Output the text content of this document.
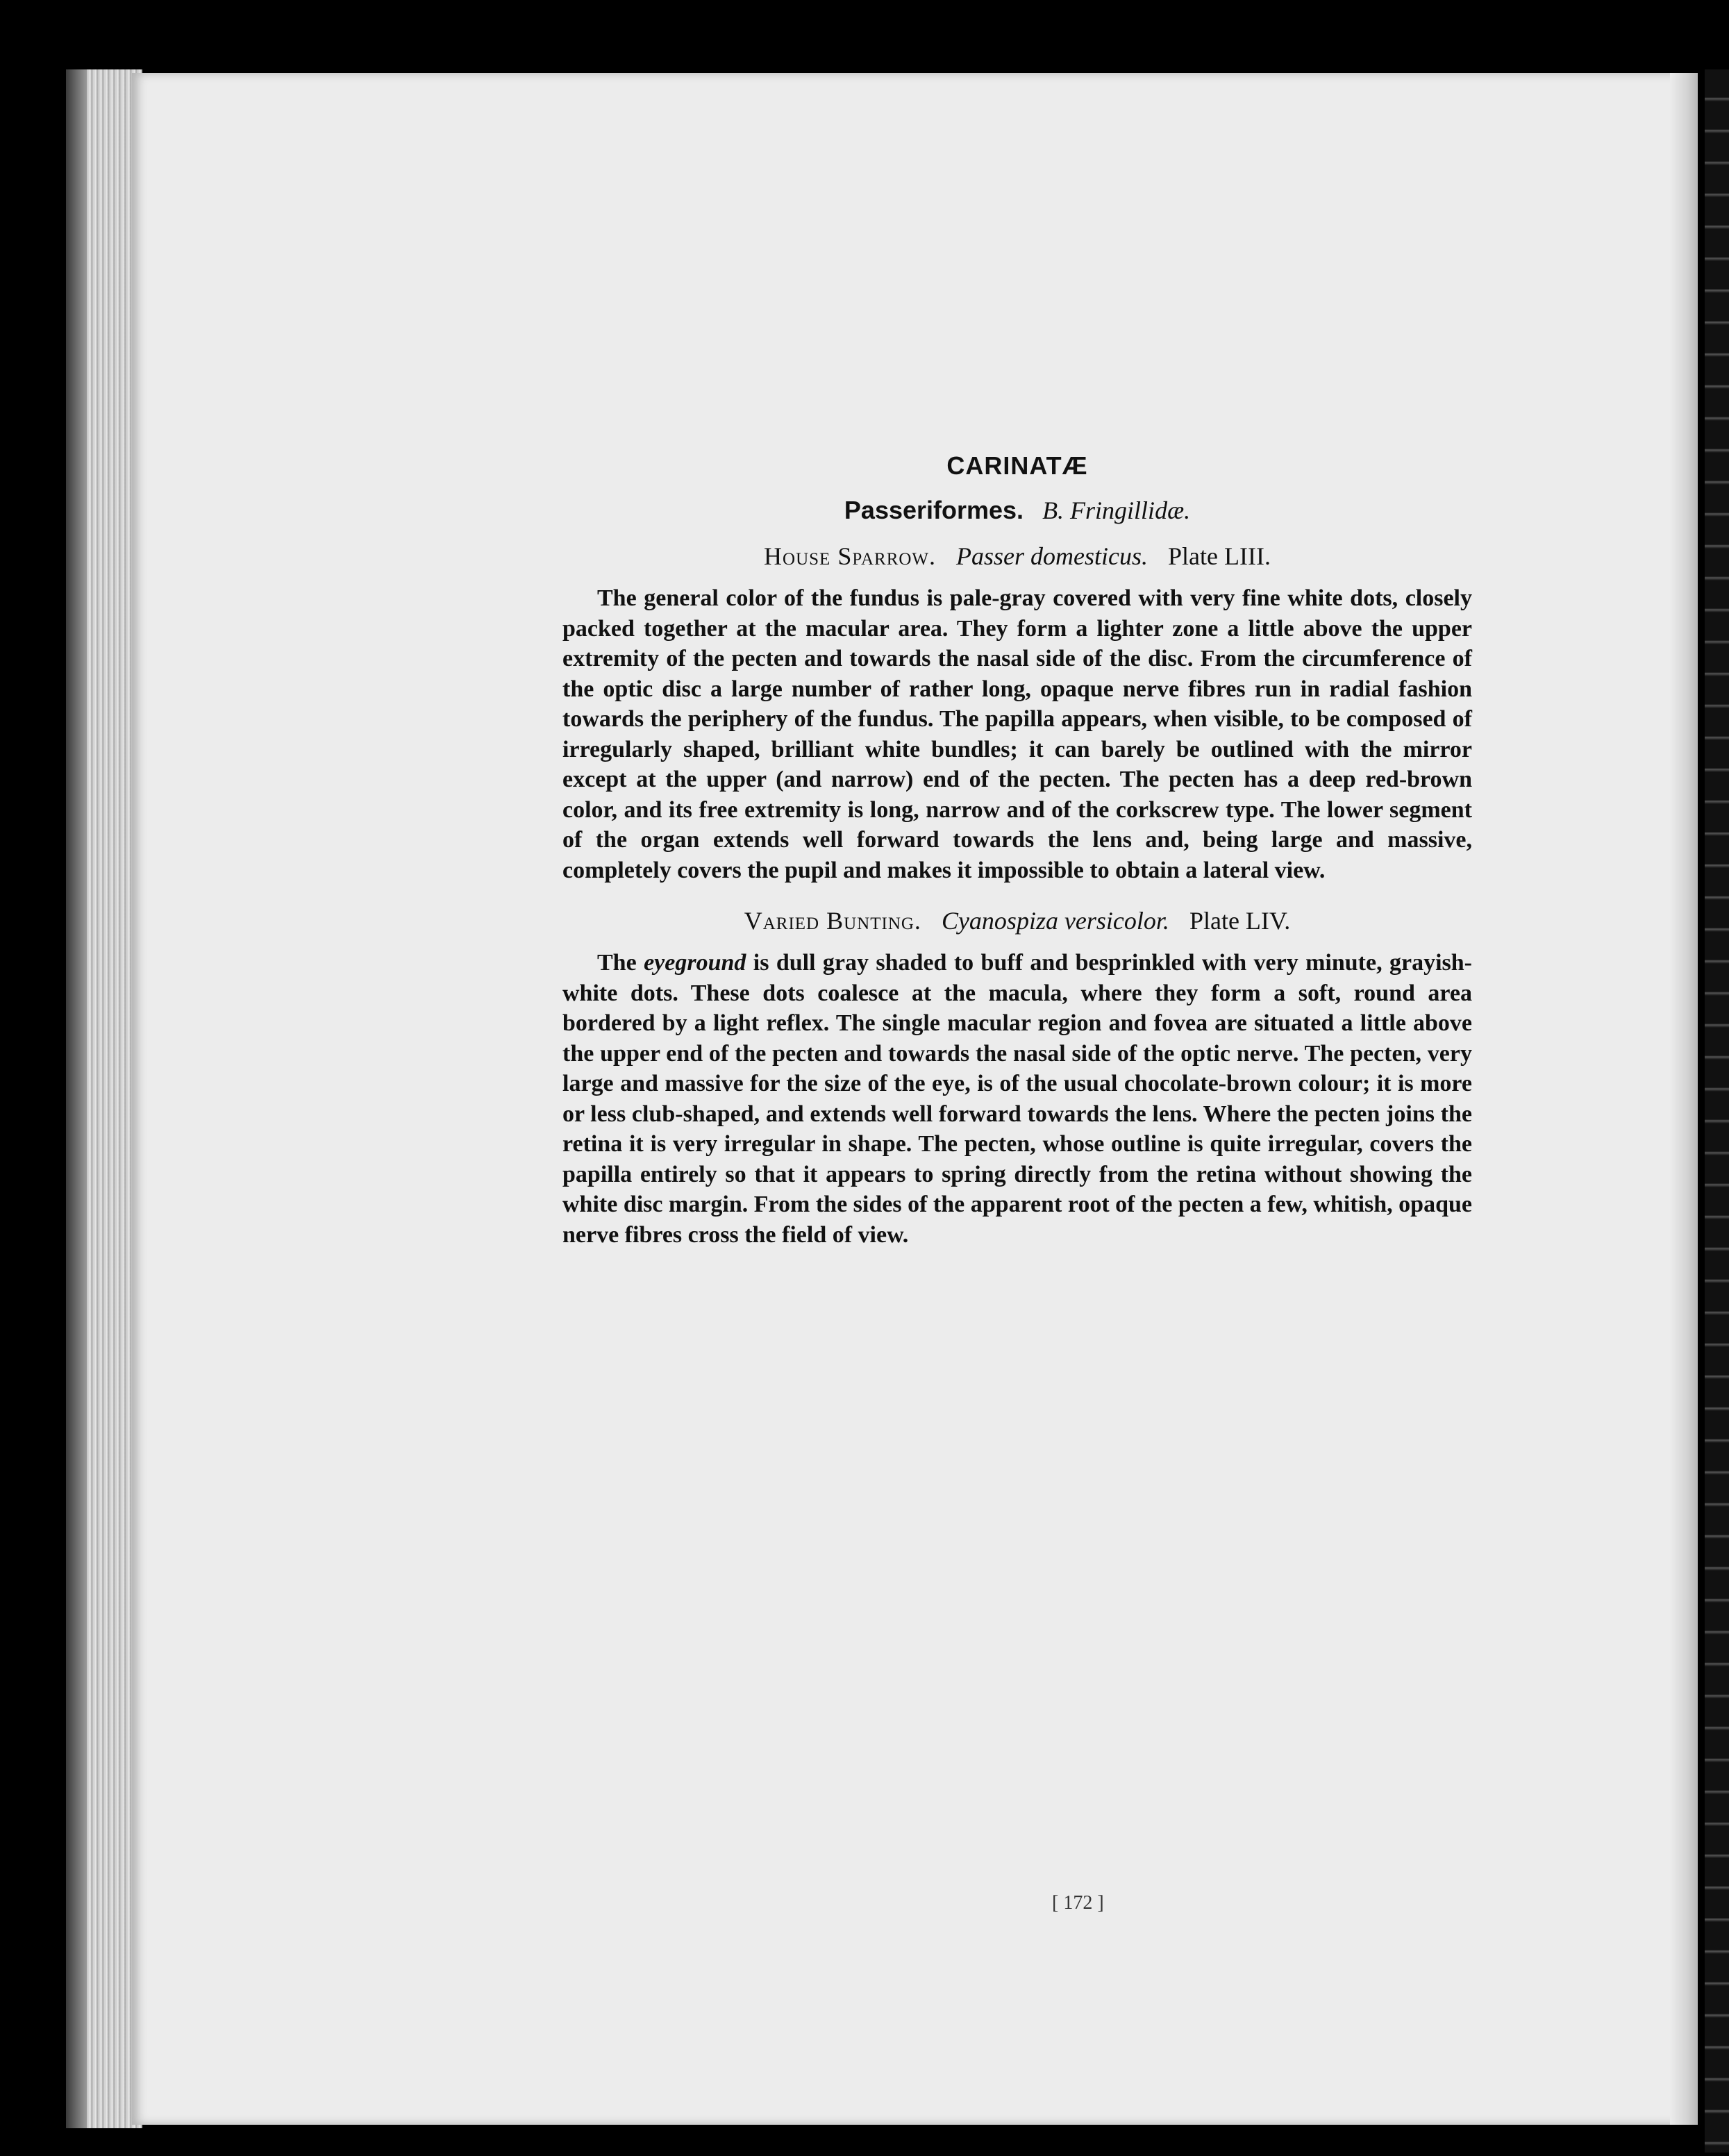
CARINATÆ
Passeriformes. B. Fringillidæ.
House Sparrow. Passer domesticus. Plate LIII.

The general color of the fundus is pale-gray covered with very fine white dots, closely packed together at the macular area. They form a lighter zone a little above the upper extremity of the pecten and towards the nasal side of the disc. From the circumference of the optic disc a large number of rather long, opaque nerve fibres run in radial fashion towards the periphery of the fundus. The papilla appears, when visible, to be composed of irregularly shaped, brilliant white bundles; it can barely be outlined with the mirror except at the upper (and narrow) end of the pecten. The pecten has a deep red-brown color, and its free extremity is long, narrow and of the corkscrew type. The lower segment of the organ extends well forward towards the lens and, being large and massive, completely covers the pupil and makes it impossible to obtain a lateral view.

Varied Bunting. Cyanospiza versicolor. Plate LIV.

The eyeground is dull gray shaded to buff and besprinkled with very minute, grayish-white dots. These dots coalesce at the macula, where they form a soft, round area bordered by a light reflex. The single macular region and fovea are situated a little above the upper end of the pecten and towards the nasal side of the optic nerve. The pecten, very large and massive for the size of the eye, is of the usual chocolate-brown colour; it is more or less club-shaped, and extends well forward towards the lens. Where the pecten joins the retina it is very irregular in shape. The pecten, whose outline is quite irregular, covers the papilla entirely so that it appears to spring directly from the retina without showing the white disc margin. From the sides of the apparent root of the pecten a few, whitish, opaque nerve fibres cross the field of view.

[ 172 ]
